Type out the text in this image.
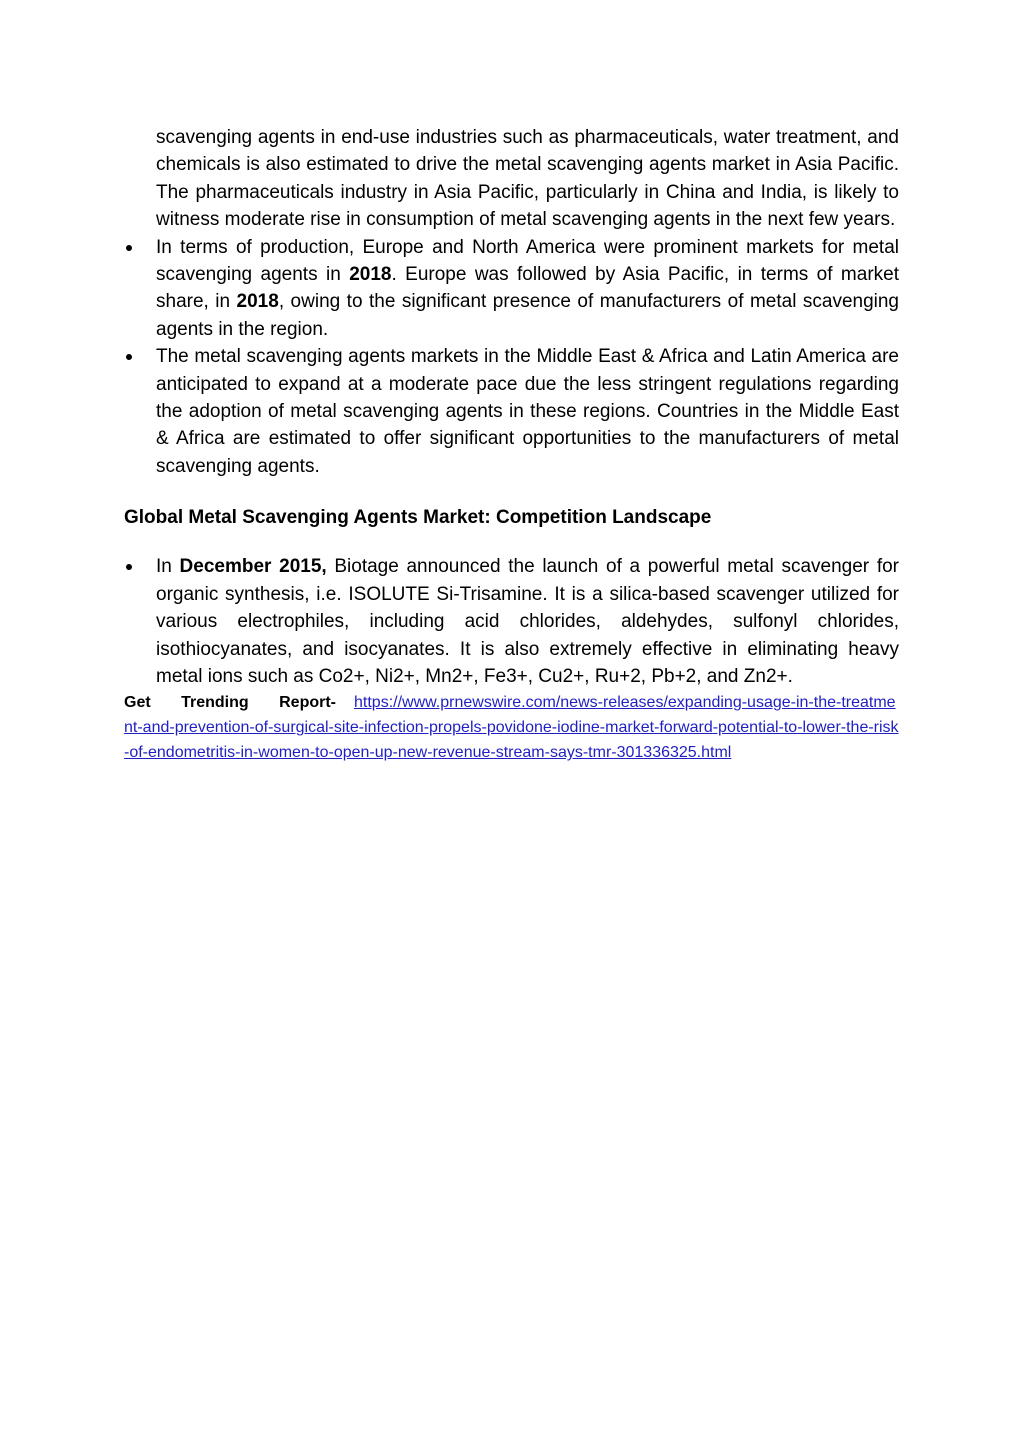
scavenging agents in end-use industries such as pharmaceuticals, water treatment, and chemicals is also estimated to drive the metal scavenging agents market in Asia Pacific. The pharmaceuticals industry in Asia Pacific, particularly in China and India, is likely to witness moderate rise in consumption of metal scavenging agents in the next few years.
In terms of production, Europe and North America were prominent markets for metal scavenging agents in 2018. Europe was followed by Asia Pacific, in terms of market share, in 2018, owing to the significant presence of manufacturers of metal scavenging agents in the region.
The metal scavenging agents markets in the Middle East & Africa and Latin America are anticipated to expand at a moderate pace due the less stringent regulations regarding the adoption of metal scavenging agents in these regions. Countries in the Middle East & Africa are estimated to offer significant opportunities to the manufacturers of metal scavenging agents.
Global Metal Scavenging Agents Market: Competition Landscape
In December 2015, Biotage announced the launch of a powerful metal scavenger for organic synthesis, i.e. ISOLUTE Si-Trisamine. It is a silica-based scavenger utilized for various electrophiles, including acid chlorides, aldehydes, sulfonyl chlorides, isothiocyanates, and isocyanates. It is also extremely effective in eliminating heavy metal ions such as Co2+, Ni2+, Mn2+, Fe3+, Cu2+, Ru+2, Pb+2, and Zn2+.
Get Trending Report- https://www.prnewswire.com/news-releases/expanding-usage-in-the-treatment-and-prevention-of-surgical-site-infection-propels-povidone-iodine-market-forward-potential-to-lower-the-risk-of-endometritis-in-women-to-open-up-new-revenue-stream-says-tmr-301336325.html
